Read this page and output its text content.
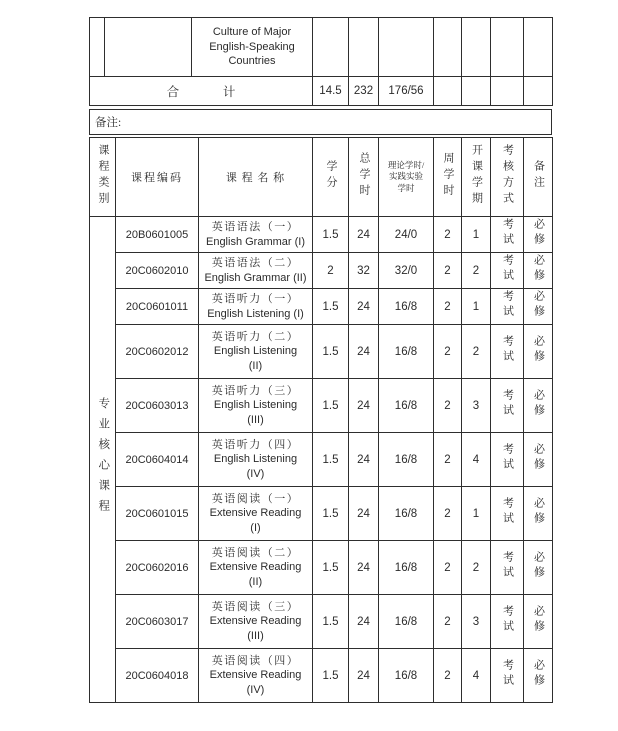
		Culture of Major
English-Speaking
Countries							

合              计			14.5	232	176/56				
备注:
课程类别	课程编码	课 程 名 称	学分	总学时	理论学时/
实践实验
学时	周学时	开课学期	考核方式	备注
专业核心课程	20B0601005	英语语法（一）
English Grammar (I)	1.5	24	24/0	2	1	考试	必修
	20C0602010	英语语法（二）
English Grammar (II)	2	32	32/0	2	2	考试	必修
	20C0601011	英语听力（一）
English Listening (I)	1.5	24	16/8	2	1	考试	必修
	20C0602012	英语听力（二）
English Listening
(II)	1.5	24	16/8	2	2	考试	必修
	20C0603013	英语听力（三）
English Listening
(III)	1.5	24	16/8	2	3	考试	必修
	20C0604014	英语听力（四）
English Listening
(IV)	1.5	24	16/8	2	4	考试	必修
	20C0601015	英语阅读（一）
Extensive Reading
(I)	1.5	24	16/8	2	1	考试	必修
	20C0602016	英语阅读（二）
Extensive Reading
(II)	1.5	24	16/8	2	2	考试	必修
	20C0603017	英语阅读（三）
Extensive Reading
(III)	1.5	24	16/8	2	3	考试	必修
	20C0604018	英语阅读（四）
Extensive Reading
(IV)	1.5	24	16/8	2	4	考试	必修
